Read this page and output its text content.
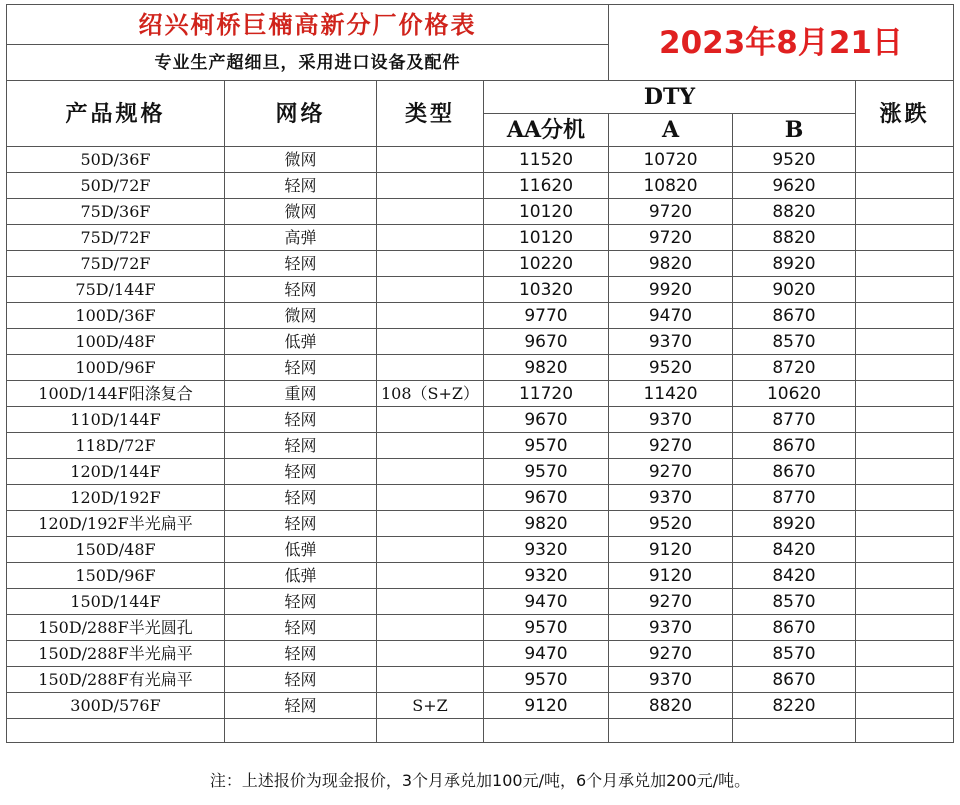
绍兴柯桥巨楠高新分厂价格表				2023年8月21日		
专业生产超细旦，采用进口设备及配件						
产品规格	网络	类型	DTY			涨跌
			AA分机	A	B	
50D/36F	微网		11520	10720	9520	
50D/72F	轻网		11620	10820	9620	
75D/36F	微网		10120	9720	8820	
75D/72F	高弹		10120	9720	8820	
75D/72F	轻网		10220	9820	8920	
75D/144F	轻网		10320	9920	9020	
100D/36F	微网		9770	9470	8670	
100D/48F	低弹		9670	9370	8570	
100D/96F	轻网		9820	9520	8720	
100D/144F阳涤复合	重网	108（S+Z）	11720	11420	10620	
110D/144F	轻网		9670	9370	8770	
118D/72F	轻网		9570	9270	8670	
120D/144F	轻网		9570	9270	8670	
120D/192F	轻网		9670	9370	8770	
120D/192F半光扁平	轻网		9820	9520	8920	
150D/48F	低弹		9320	9120	8420	
150D/96F	低弹		9320	9120	8420	
150D/144F	轻网		9470	9270	8570	
150D/288F半光圆孔	轻网		9570	9370	8670	
150D/288F半光扁平	轻网		9470	9270	8570	
150D/288F有光扁平	轻网		9570	9370	8670	
300D/576F	轻网	S+Z	9120	8820	8220	

注：上述报价为现金报价，3个月承兑加100元/吨，6个月承兑加200元/吨。
